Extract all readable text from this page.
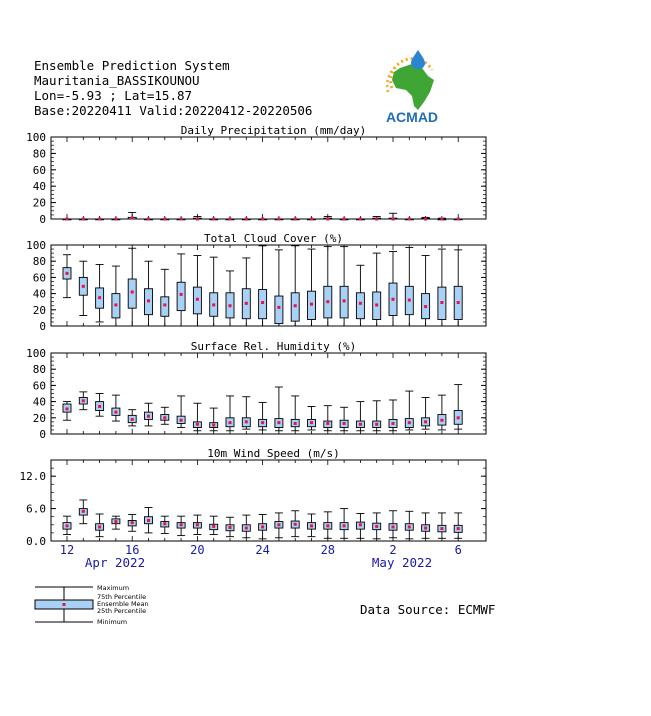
Ensemble Prediction System
Mauritania_BASSIKOUNOU
Lon=-5.93 ; Lat=15.87
Base:20220411 Valid:20220412-20220506	ACMAD
Daily Precipitation (mm/day)
0
20
40
60
80
100
Total Cloud Cover (%)
0
20
40
60
80
100
Surface Rel. Humidity (%)
0
20
40
60
80
100
10m Wind Speed (m/s)
0.0
6.0
12.0
12	16	20	24	28	2	6
Apr 2022	May 2022
Maximum
75th Percentile
Ensemble Mean
25th Percentile
Minimum
Data Source: ECMWF
